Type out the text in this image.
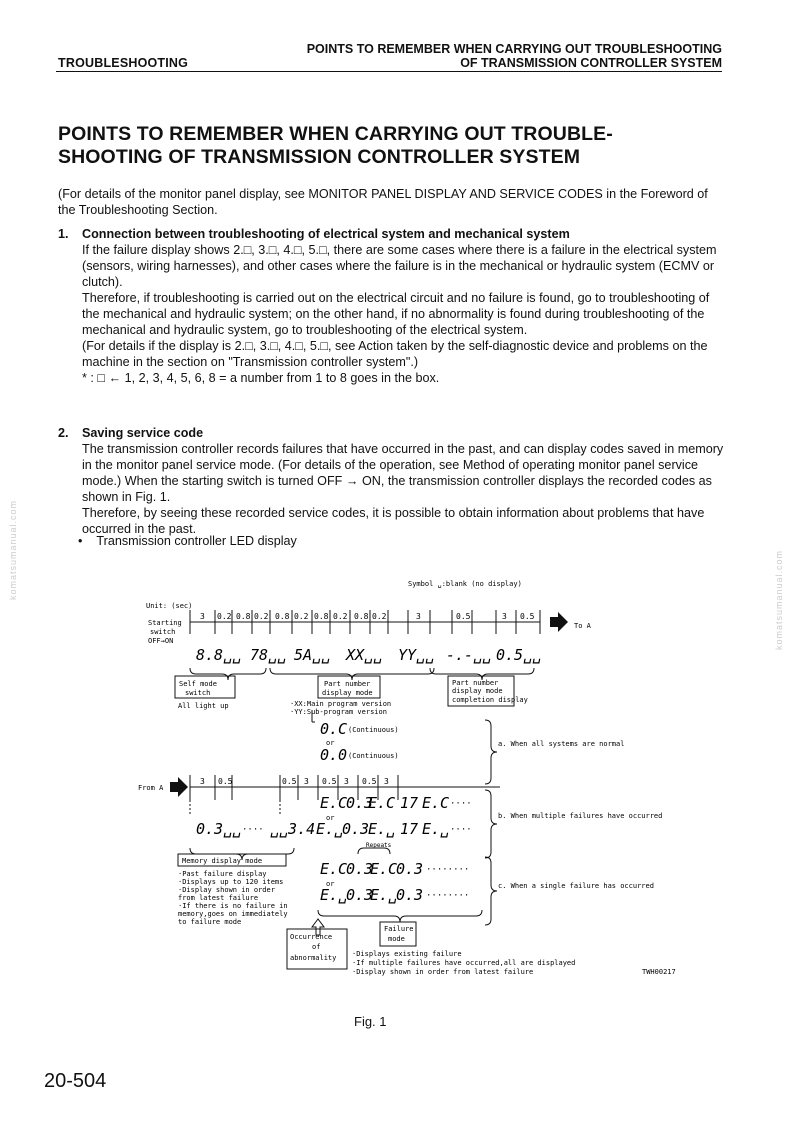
TROUBLESHOOTING
POINTS TO REMEMBER WHEN CARRYING OUT TROUBLESHOOTING
OF TRANSMISSION CONTROLLER SYSTEM
POINTS TO REMEMBER WHEN CARRYING OUT TROUBLE-
SHOOTING OF TRANSMISSION CONTROLLER SYSTEM
(For details of the monitor panel display, see MONITOR PANEL DISPLAY AND SERVICE CODES in the Foreword of the Troubleshooting Section.
1. Connection between troubleshooting of electrical system and mechanical system

If the failure display shows 2.□, 3.□, 4.□, 5.□, there are some cases where there is a failure in the electrical system (sensors, wiring harnesses), and other cases where the failure is in the mechanical or hydraulic system (ECMV or clutch).

Therefore, if troubleshooting is carried out on the electrical circuit and no failure is found, go to troubleshooting of the mechanical and hydraulic system; on the other hand, if no abnormality is found during troubleshooting of the mechanical and hydraulic system, go to troubleshooting of the electrical system.

(For details if the display is 2.□, 3.□, 4.□, 5.□, see Action taken by the self-diagnostic device and problems on the machine in the section on "Transmission controller system".)

* : □ ← 1, 2, 3, 4, 5, 6, 8 = a number from 1 to 8 goes in the box.

2. Saving service code

The transmission controller records failures that have occurred in the past, and can display codes saved in memory in the monitor panel service mode. (For details of the operation, see Method of operating monitor panel service mode.) When the starting switch is turned OFF → ON, the transmission controller displays the recorded codes as shown in Fig. 1.

Therefore, by seeing these recorded service codes, it is possible to obtain information about problems that have occurred in the past.

• Transmission controller LED display
komatsumanual.com	komatsumanual.com
Symbol ␣:blank (no display)
Unit: (sec)
Starting
switch
OFF→ON
To A
3 0.2 0.8 0.2 0.8 0.2 0.8 0.2 0.8 0.2	3	0.5	3 0.5
8.8␣␣ 78␣␣ 5A␣␣ XX␣␣ YY␣␣ -.-␣␣ 0.5␣␣
Self mode
switch
All light up
Part number
display mode
·XX:Main program version
·YY:Sub-program version
Part number
display mode
completion display
0.C (Continuous)
or
0.0 (Continuous)
a. When all systems are normal
From A
3 0.5	0.5 3 0.5 3 0.5 3
E.C
0.3
E.C 17 E.C ····
0.3␣␣ ···· ␣␣3.4 E.␣
0.3
E.␣ 17 E.␣ ····
or	b. When multiple failures have occurred
Repeats
E.C
0.3
E.C
0.3 ········
E.␣
0.3
E.␣
0.3 ········
or	c. When a single failure has occurred
Memory display mode
·Past failure display
·Displays up to 120 items
·Display shown in order
from latest failure
·If there is no failure in
memory,goes on immediately
to failure mode
Occurrence
of
abnormality
Failure
mode
·Displays existing failure
·If multiple failures have occurred,all are displayed
·Display shown in order from latest failure	TWH00217
Fig. 1
20-504
